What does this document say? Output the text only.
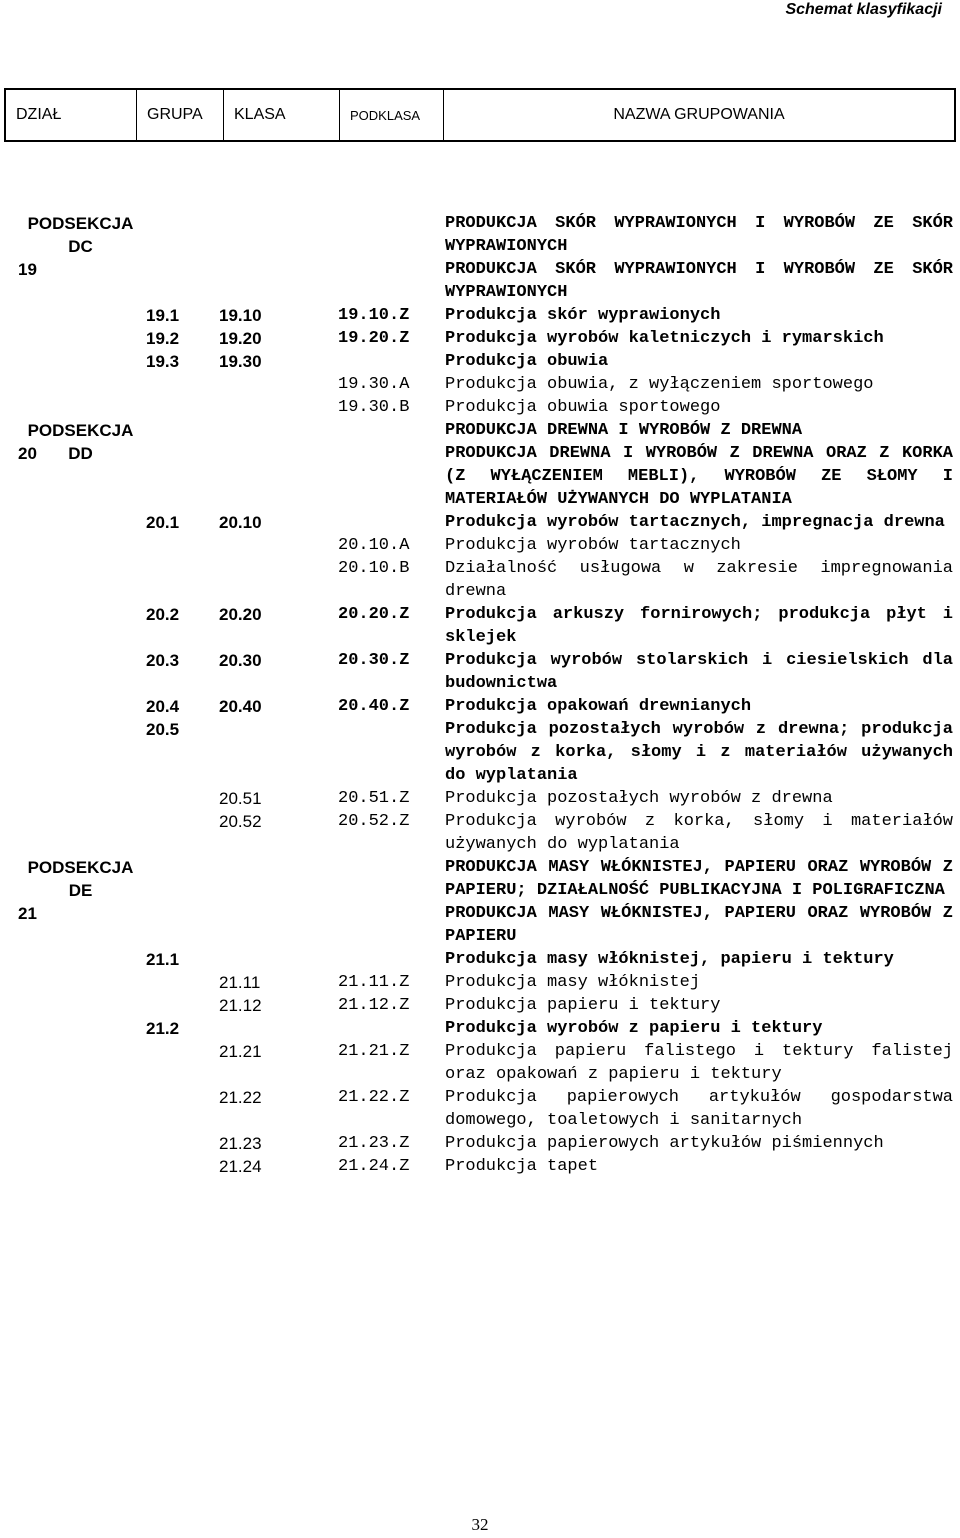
Schemat klasyfikacji
DZIAŁ	GRUPA	KLASA	PODKLASA	NAZWA GRUPOWANIA
PODSEKCJA
DC
PRODUKCJA SKÓR WYPRAWIONYCH I WYROBÓW ZE SKÓR WYPRAWIONYCH
19	PRODUKCJA SKÓR WYPRAWIONYCH I WYROBÓW ZE SKÓR WYPRAWIONYCH
19.1	19.10	19.10.Z	Produkcja skór wyprawionych
19.2	19.20	19.20.Z	Produkcja wyrobów kaletniczych i rymarskich
19.3	19.30	Produkcja obuwia
19.30.A	Produkcja obuwia, z wyłączeniem sportowego
19.30.B	Produkcja obuwia sportowego
PODSEKCJA
DD
PRODUKCJA DREWNA I WYROBÓW Z DREWNA
20	PRODUKCJA DREWNA I WYROBÓW Z DREWNA ORAZ Z KORKA (Z WYŁĄCZENIEM MEBLI), WYROBÓW ZE SŁOMY I MATERIAŁÓW UŻYWANYCH DO WYPLATANIA
20.1	20.10	Produkcja wyrobów tartacznych, impregnacja drewna
20.10.A	Produkcja wyrobów tartacznych
20.10.B	Działalność usługowa w zakresie impregnowania drewna
20.2	20.20	20.20.Z	Produkcja arkuszy fornirowych; produkcja płyt i sklejek
20.3	20.30	20.30.Z	Produkcja wyrobów stolarskich i ciesielskich dla budownictwa
20.4	20.40	20.40.Z	Produkcja opakowań drewnianych
20.5	Produkcja pozostałych wyrobów z drewna; produkcja wyrobów z korka, słomy i z materiałów używanych do wyplatania
20.51	20.51.Z	Produkcja pozostałych wyrobów z drewna
20.52	20.52.Z	Produkcja wyrobów z korka, słomy i materiałów używanych do wyplatania
PODSEKCJA
DE
PRODUKCJA MASY WŁÓKNISTEJ, PAPIERU ORAZ WYROBÓW Z PAPIERU; DZIAŁALNOŚĆ PUBLIKACYJNA I POLIGRAFICZNA
21	PRODUKCJA MASY WŁÓKNISTEJ, PAPIERU ORAZ WYROBÓW Z PAPIERU
21.1	Produkcja masy włóknistej, papieru i tektury
21.11	21.11.Z	Produkcja masy włóknistej
21.12	21.12.Z	Produkcja papieru i tektury
21.2	Produkcja wyrobów z papieru i tektury
21.21	21.21.Z	Produkcja papieru falistego i tektury falistej oraz opakowań z papieru i tektury
21.22	21.22.Z	Produkcja papierowych artykułów gospodarstwa domowego, toaletowych i sanitarnych
21.23	21.23.Z	Produkcja papierowych artykułów piśmiennych
21.24	21.24.Z	Produkcja tapet
32
